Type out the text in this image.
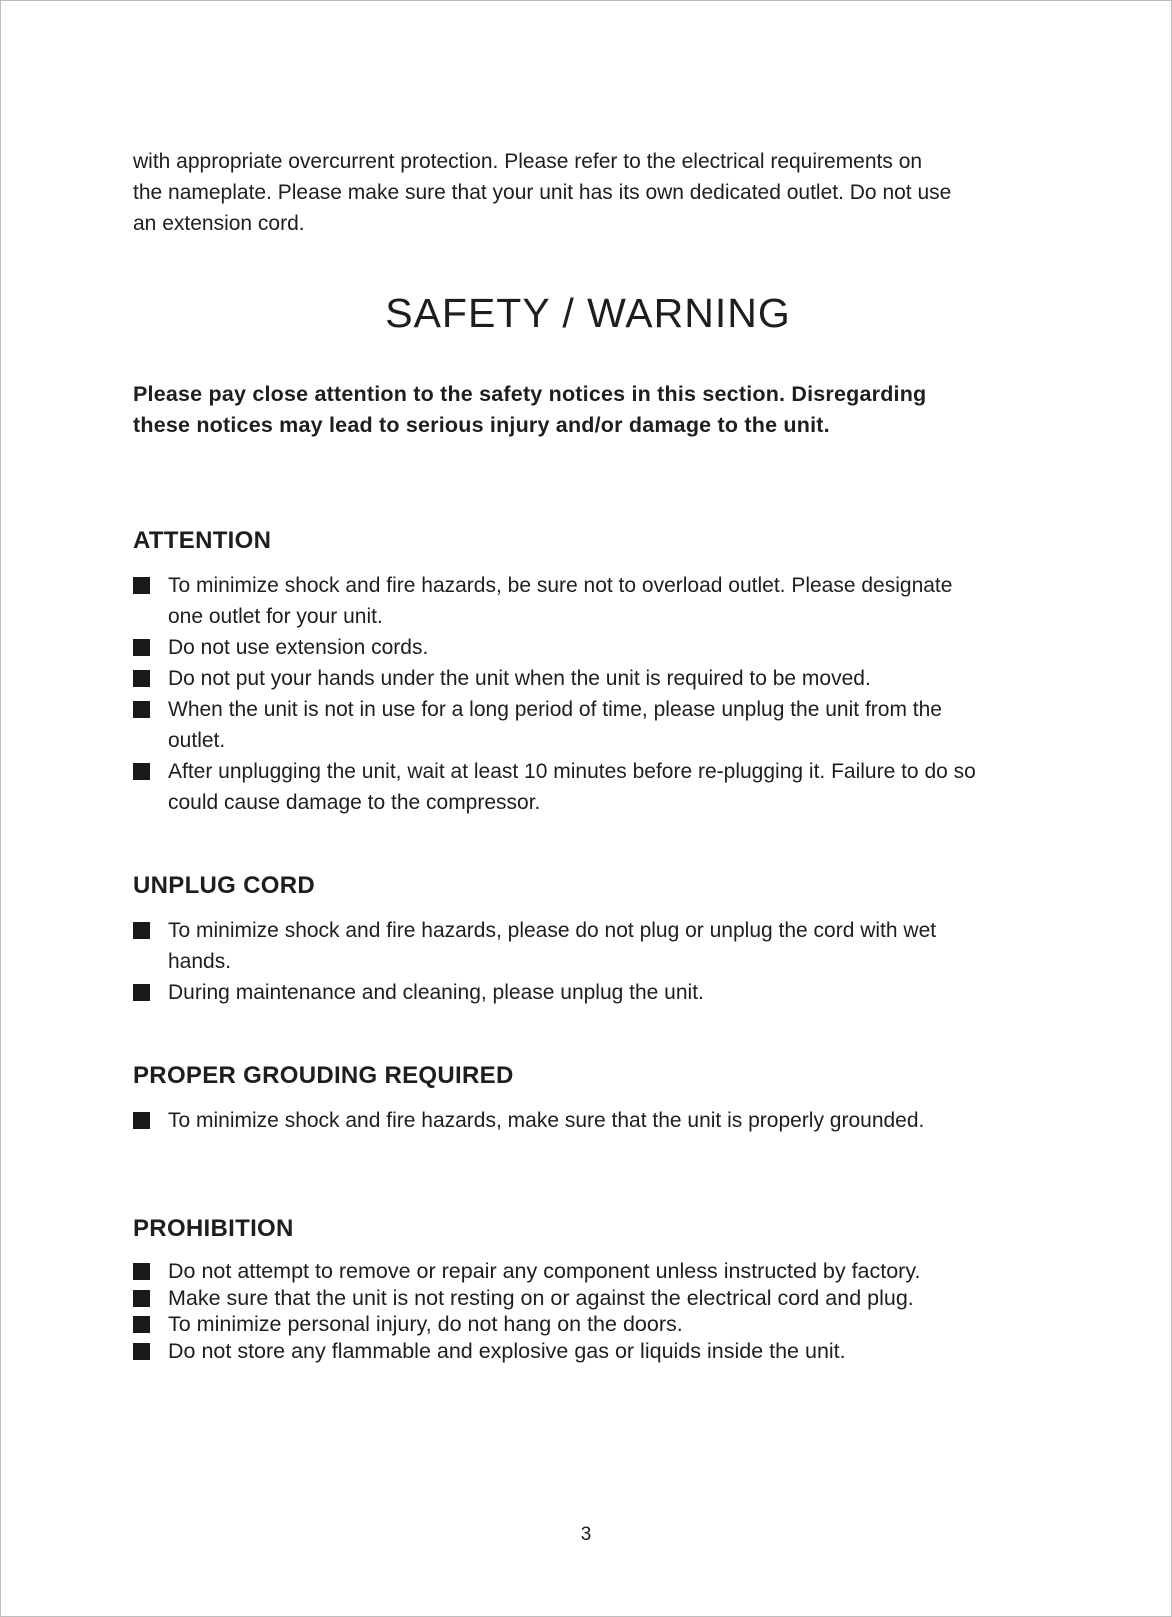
with appropriate overcurrent protection. Please refer to the electrical requirements on the nameplate. Please make sure that your unit has its own dedicated outlet. Do not use an extension cord.

SAFETY / WARNING

Please pay close attention to the safety notices in this section. Disregarding these notices may lead to serious injury and/or damage to the unit.

ATTENTION
To minimize shock and fire hazards, be sure not to overload outlet. Please designate one outlet for your unit.
Do not use extension cords.
Do not put your hands under the unit when the unit is required to be moved.
When the unit is not in use for a long period of time, please unplug the unit from the outlet.
After unplugging the unit, wait at least 10 minutes before re-plugging it. Failure to do so could cause damage to the compressor.
UNPLUG CORD
To minimize shock and fire hazards, please do not plug or unplug the cord with wet hands.
During maintenance and cleaning, please unplug the unit.
PROPER GROUDING REQUIRED
To minimize shock and fire hazards, make sure that the unit is properly grounded.
PROHIBITION
Do not attempt to remove or repair any component unless instructed by factory.
Make sure that the unit is not resting on or against the electrical cord and plug.
To minimize personal injury, do not hang on the doors.
Do not store any flammable and explosive gas or liquids inside the unit.
3
